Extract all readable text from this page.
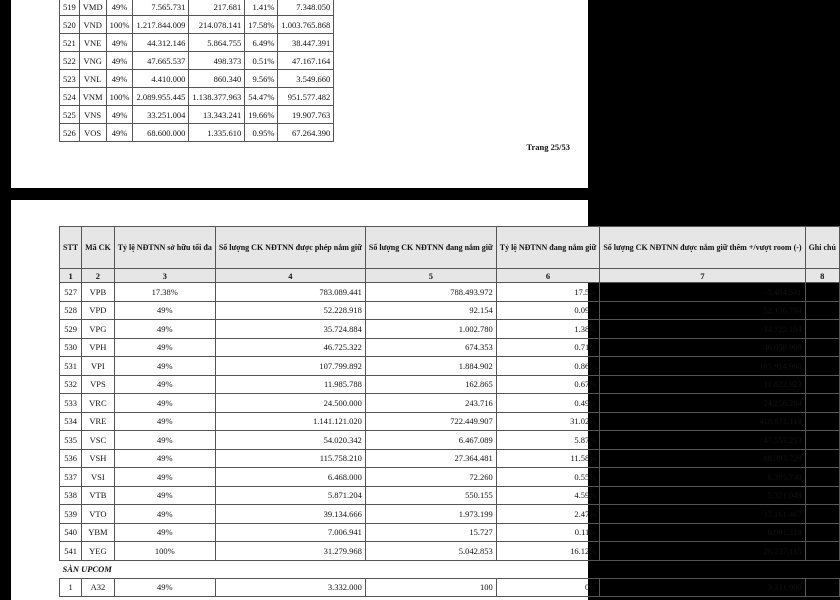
519	VMD	49%	7.565.731	217.681	1.41%	7.348.050
520	VND	100%	1.217.844.009	214.078.141	17.58%	1.003.765.868
521	VNE	49%	44.312.146	5.864.755	6.49%	38.447.391
522	VNG	49%	47.665.537	498.373	0.51%	47.167.164
523	VNL	49%	4.410.000	860.340	9.56%	3.549.660
524	VNM	100%	2.089.955.445	1.138.377.963	54.47%	951.577.482
525	VNS	49%	33.251.004	13.343.241	19.66%	19.907.763
526	VOS	49%	68.600.000	1.335.610	0.95%	67.264.390
Trang 25/53
STT	Mã CK	Tỷ lệ NĐTNN sở hữu tối đa	Số lượng CK NĐTNN được phép nắm giữ	Số lượng CK NĐTNN đang nắm giữ	Tỷ lệ NĐTNN đang nắm giữ	Số lượng CK NĐTNN được nắm giữ thêm +/vượt room (-)	Ghi chú
1	2	3	4	5	6	7	8
527	VPB	17.38%	783.089.441	788.493.972	17.5%	-5.404.531	
528	VPD	49%	52.228.918	92.154	0.09%	52.136.764	
529	VPG	49%	35.724.884	1.002.780	1.38%	34.722.104	
530	VPH	49%	46.725.322	674.353	0.71%	46.050.969	
531	VPI	49%	107.799.892	1.884.902	0.86%	105.914.990	
532	VPS	49%	11.985.788	162.865	0.67%	11.822.923	
533	VRC	49%	24.500.000	243.716	0.49%	24.256.284	
534	VRE	49%	1.141.121.020	722.449.907	31.02%	418.671.113	
535	VSC	49%	54.020.342	6.467.089	5.87%	47.553.253	
536	VSH	49%	115.758.210	27.364.481	11.58%	88.393.729	
537	VSI	49%	6.468.000	72.260	0.55%	6.395.740	
538	VTB	49%	5.871.204	550.155	4.59%	5.321.049	
539	VTO	49%	39.134.666	1.973.199	2.47%	37.161.467	
540	YBM	49%	7.006.941	15.727	0.11%	6.991.214	
541	YEG	100%	31.279.968	5.042.853	16.12%	26.237.115	
SÀN UPCOM							
1	A32	49%	3.332.000	100	0%	3.331.900	
